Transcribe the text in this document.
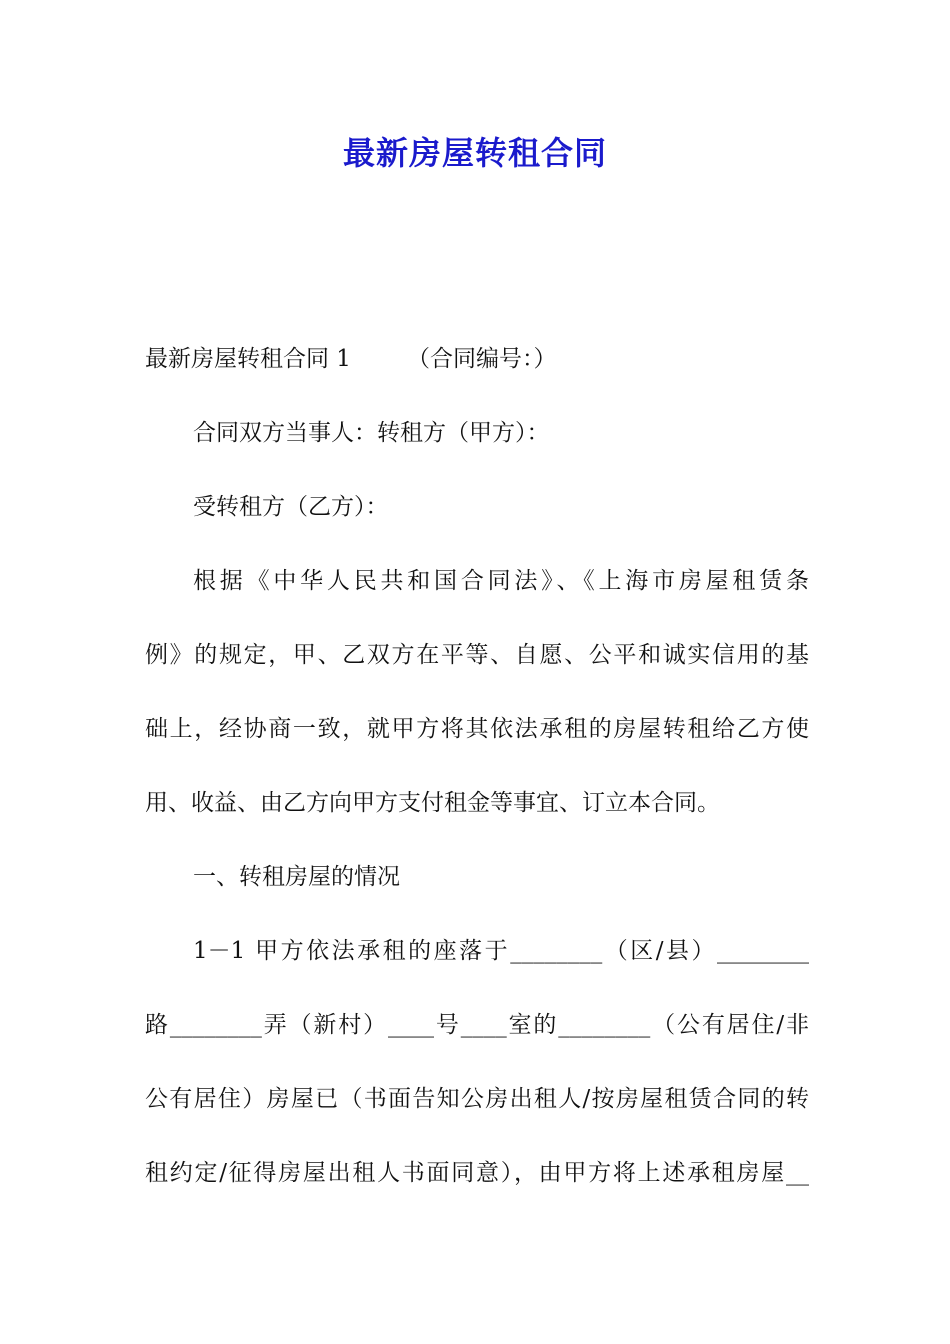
最新房屋转租合同
最新房屋转租合同 1 （合同编号：）
合同双方当事人：转租方（甲方）：
受转租方（乙方）：
根据《中华人民共和国合同法》、《上海市房屋租赁条
例》的规定，甲、乙双方在平等、自愿、公平和诚实信用的基
础上，经协商一致，就甲方将其依法承租的房屋转租给乙方使
用、收益、由乙方向甲方支付租金等事宜、订立本合同。
一、转租房屋的情况
1－1 甲方依法承租的座落于________（区/县）________
路________弄（新村）____号____室的________（公有居住/非
公有居住）房屋已（书面告知公房出租人/按房屋租赁合同的转
租约定/征得房屋出租人书面同意），由甲方将上述承租房屋__
